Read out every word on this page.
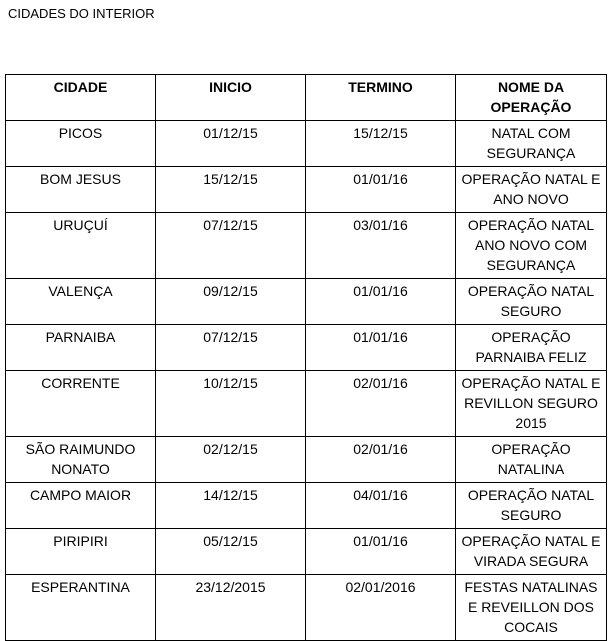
CIDADES DO INTERIOR
CIDADE	INICIO	TERMINO	NOME DA OPERAÇÃO
PICOS	01/12/15	15/12/15	NATAL COM SEGURANÇA
BOM JESUS	15/12/15	01/01/16	OPERAÇÃO NATAL E ANO NOVO
URUÇUÍ	07/12/15	03/01/16	OPERAÇÃO NATAL ANO NOVO COM SEGURANÇA
VALENÇA	09/12/15	01/01/16	OPERAÇÃO NATAL SEGURO
PARNAIBA	07/12/15	01/01/16	OPERAÇÃO PARNAIBA FELIZ
CORRENTE	10/12/15	02/01/16	OPERAÇÃO NATAL E REVILLON SEGURO 2015
SÃO RAIMUNDO NONATO	02/12/15	02/01/16	OPERAÇÃO NATALINA
CAMPO MAIOR	14/12/15	04/01/16	OPERAÇÃO NATAL SEGURO
PIRIPIRI	05/12/15	01/01/16	OPERAÇÃO NATAL E VIRADA SEGURA
ESPERANTINA	23/12/2015	02/01/2016	FESTAS NATALINAS E REVEILLON DOS COCAIS
